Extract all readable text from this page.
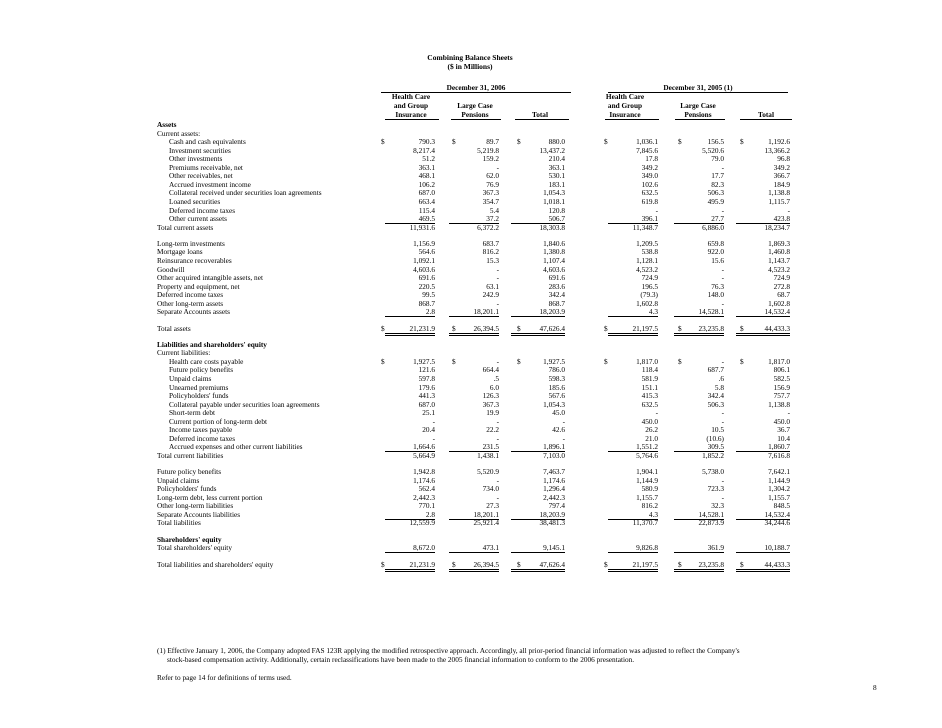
Combining Balance Sheets
($ in Millions)
December 31, 2006	December 31, 2005 (1)
Health Care
and Group
Insurance
Large Case
Pensions	Total
Health Care
and Group
Insurance
Large Case
Pensions	Total
Assets
Current assets:
Cash and cash equivalents	$	790.3 $	89.7 $	880.0	$	1,036.1	$	156.5 $	1,192.6
Investment securities	8,217.4	5,219.8	13,437.2	7,845.6	5,520.6	13,366.2
Other investments	51.2	159.2	210.4	17.8	79.0	96.8
Premiums receivable, net	363.1	-	363.1	349.2	-	349.2
Other receivables, net	468.1	62.0	530.1	349.0	17.7	366.7
Accrued investment income	106.2	76.9	183.1	102.6	82.3	184.9
Collateral received under securities loan agreements	687.0	367.3	1,054.3	632.5	506.3	1,138.8
Loaned securities	663.4	354.7	1,018.1	619.8	495.9	1,115.7
Deferred income taxes	115.4	5.4	120.8	-	-	-
Other current assets	469.5	37.2	506.7	396.1	27.7	423.8
Total current assets	11,931.6	6,372.2	18,303.8	11,348.7	6,886.0	18,234.7
Long-term investments	1,156.9	683.7	1,840.6	1,209.5	659.8	1,869.3
Mortgage loans	564.6	816.2	1,380.8	538.8	922.0	1,460.8
Reinsurance recoverables	1,092.1	15.3	1,107.4	1,128.1	15.6	1,143.7
Goodwill	4,603.6	-	4,603.6	4,523.2	-	4,523.2
Other acquired intangible assets, net	691.6	-	691.6	724.9	-	724.9
Property and equipment, net	220.5	63.1	283.6	196.5	76.3	272.8
Deferred income taxes	99.5	242.9	342.4	(79.3)	148.0	68.7
Other long-term assets	868.7	-	868.7	1,602.8	-	1,602.8
Separate Accounts assets	2.8	18,201.1	18,203.9	4.3	14,528.1	14,532.4
Total assets	$	21,231.9 $	26,394.5 $	47,626.4	$	21,197.5	$	23,235.8 $	44,433.3
Liabilities and shareholders' equity
Current liabilities:
Health care costs payable	$	1,927.5 $	- $	1,927.5	$	1,817.0	$	- $	1,817.0
Future policy benefits	121.6	664.4	786.0	118.4	687.7	806.1
Unpaid claims	597.8	.5	598.3	581.9	.6	582.5
Unearned premiums	179.6	6.0	185.6	151.1	5.8	156.9
Policyholders' funds	441.3	126.3	567.6	415.3	342.4	757.7
Collateral payable under securities loan agreements	687.0	367.3	1,054.3	632.5	506.3	1,138.8
Short-term debt	25.1	19.9	45.0	-	-	-
Current portion of long-term debt	-	-	-	450.0	-	450.0
Income taxes payable	20.4	22.2	42.6	26.2	10.5	36.7
Deferred income taxes	-	-	-	21.0	(10.6)	10.4
Accrued expenses and other current liabilities	1,664.6	231.5	1,896.1	1,551.2	309.5	1,860.7
Total current liabilities	5,664.9	1,438.1	7,103.0	5,764.6	1,852.2	7,616.8
Future policy benefits	1,942.8	5,520.9	7,463.7	1,904.1	5,738.0	7,642.1
Unpaid claims	1,174.6	-	1,174.6	1,144.9	-	1,144.9
Policyholders' funds	562.4	734.0	1,296.4	580.9	723.3	1,304.2
Long-term debt, less current portion	2,442.3	-	2,442.3	1,155.7	-	1,155.7
Other long-term liabilities	770.1	27.3	797.4	816.2	32.3	848.5
Separate Accounts liabilities	2.8	18,201.1	18,203.9	4.3	14,528.1	14,532.4
Total liabilities	12,559.9	25,921.4	38,481.3	11,370.7	22,873.9	34,244.6
Shareholders' equity
Total shareholders' equity	8,672.0	473.1	9,145.1	9,826.8	361.9	10,188.7
Total liabilities and shareholders' equity	$	21,231.9 $	26,394.5 $	47,626.4	$	21,197.5	$	23,235.8 $	44,433.3
(1) Effective January 1, 2006, the Company adopted FAS 123R applying the modified retrospective approach. Accordingly, all prior-period financial information was adjusted to reflect the Company's
stock-based compensation activity. Additionally, certain reclassifications have been made to the 2005 financial information to conform to the 2006 presentation.
Refer to page 14 for definitions of terms used.
8
